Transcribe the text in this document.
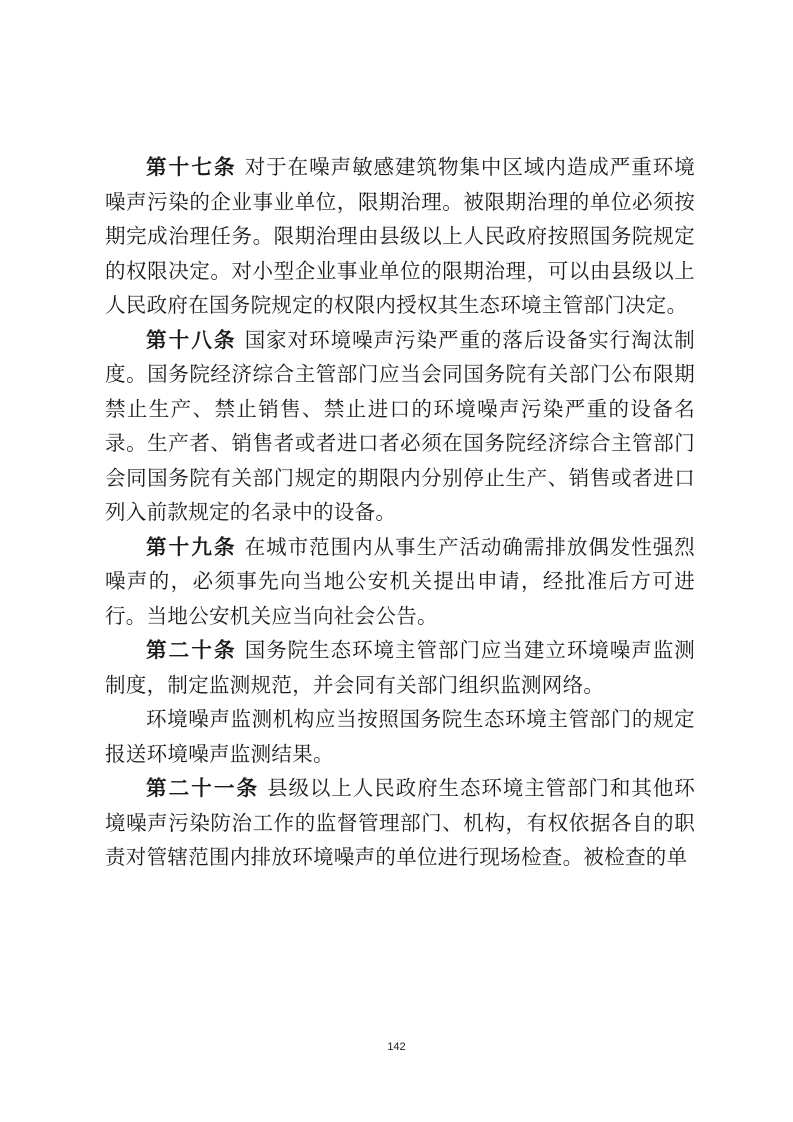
第十七条 对于在噪声敏感建筑物集中区域内造成严重环境噪声污染的企业事业单位，限期治理。被限期治理的单位必须按期完成治理任务。限期治理由县级以上人民政府按照国务院规定的权限决定。对小型企业事业单位的限期治理，可以由县级以上人民政府在国务院规定的权限内授权其生态环境主管部门决定。

第十八条 国家对环境噪声污染严重的落后设备实行淘汰制度。国务院经济综合主管部门应当会同国务院有关部门公布限期禁止生产、禁止销售、禁止进口的环境噪声污染严重的设备名录。生产者、销售者或者进口者必须在国务院经济综合主管部门会同国务院有关部门规定的期限内分别停止生产、销售或者进口列入前款规定的名录中的设备。

第十九条 在城市范围内从事生产活动确需排放偶发性强烈噪声的，必须事先向当地公安机关提出申请，经批准后方可进行。当地公安机关应当向社会公告。

第二十条 国务院生态环境主管部门应当建立环境噪声监测制度，制定监测规范，并会同有关部门组织监测网络。

环境噪声监测机构应当按照国务院生态环境主管部门的规定报送环境噪声监测结果。

第二十一条 县级以上人民政府生态环境主管部门和其他环境噪声污染防治工作的监督管理部门、机构，有权依据各自的职责对管辖范围内排放环境噪声的单位进行现场检查。被检查的单

142
